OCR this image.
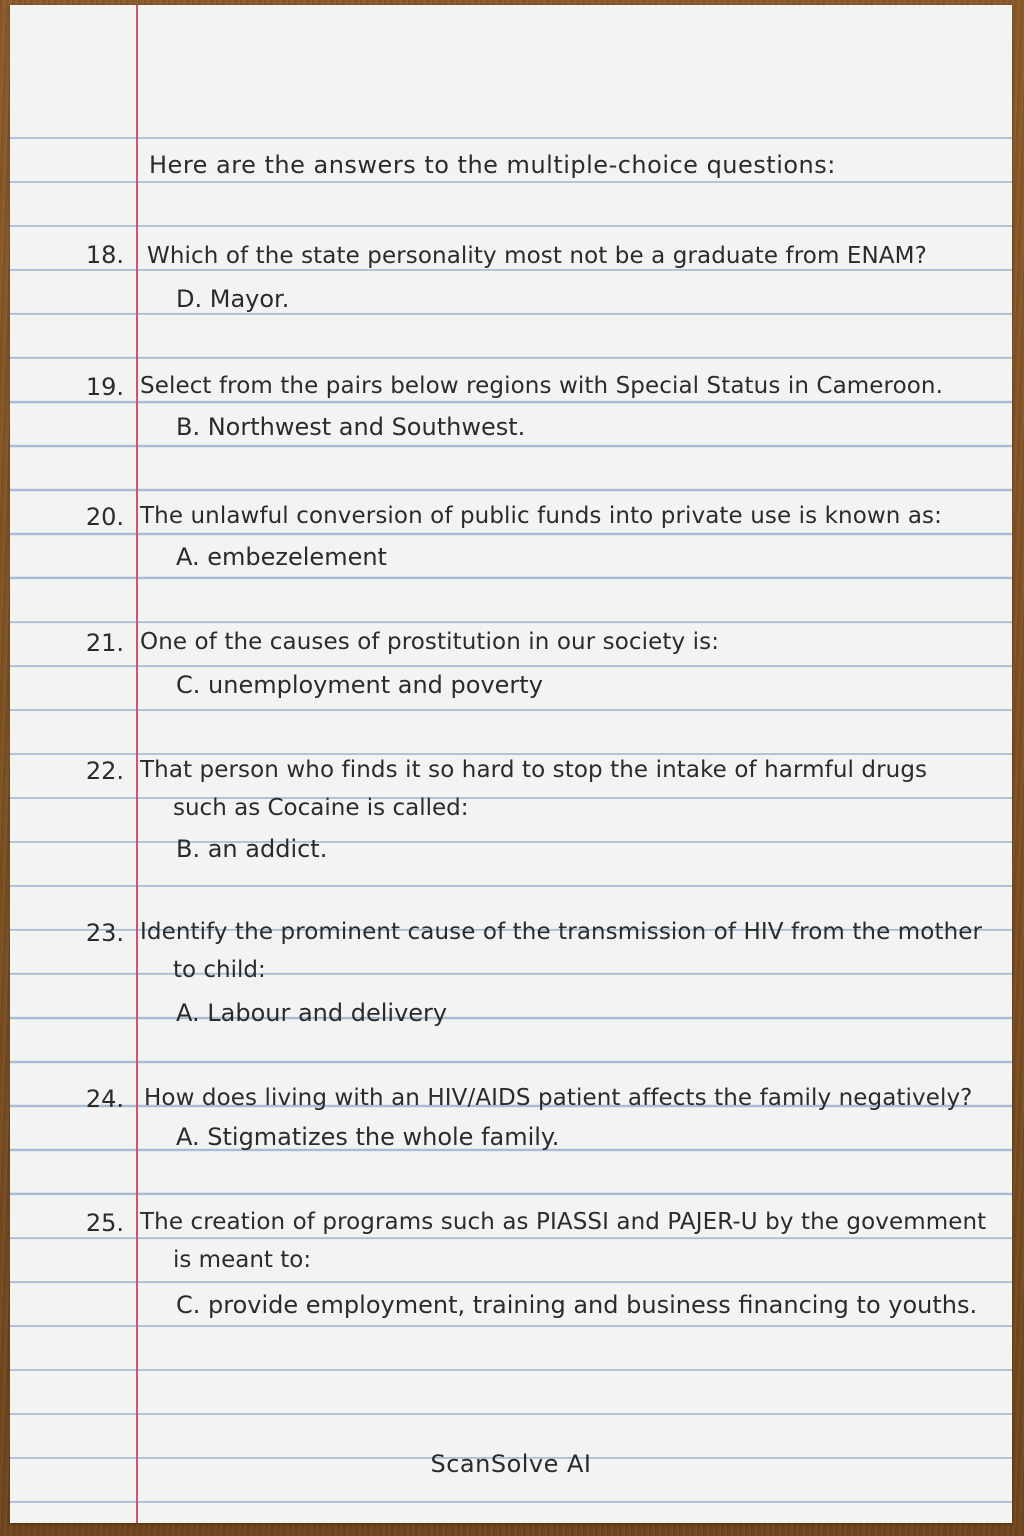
Here are the answers to the multiple-choice questions:
18. Which of the state personality most not be a graduate from ENAM?
D. Mayor.
19. Select from the pairs below regions with Special Status in Cameroon.
B. Northwest and Southwest.
20. The unlawful conversion of public funds into private use is known as:
A. embezelement
21. One of the causes of prostitution in our society is:
C. unemployment and poverty
22. That person who finds it so hard to stop the intake of harmful drugs
such as Cocaine is called:
B. an addict.
23. Identify the prominent cause of the transmission of HIV from the mother
to child:
A. Labour and delivery
24. How does living with an HIV/AIDS patient affects the family negatively?
A. Stigmatizes the whole family.
25. The creation of programs such as PIASSI and PAJER-U by the govemment
is meant to:
C. provide employment, training and business financing to youths.
ScanSolve AI
